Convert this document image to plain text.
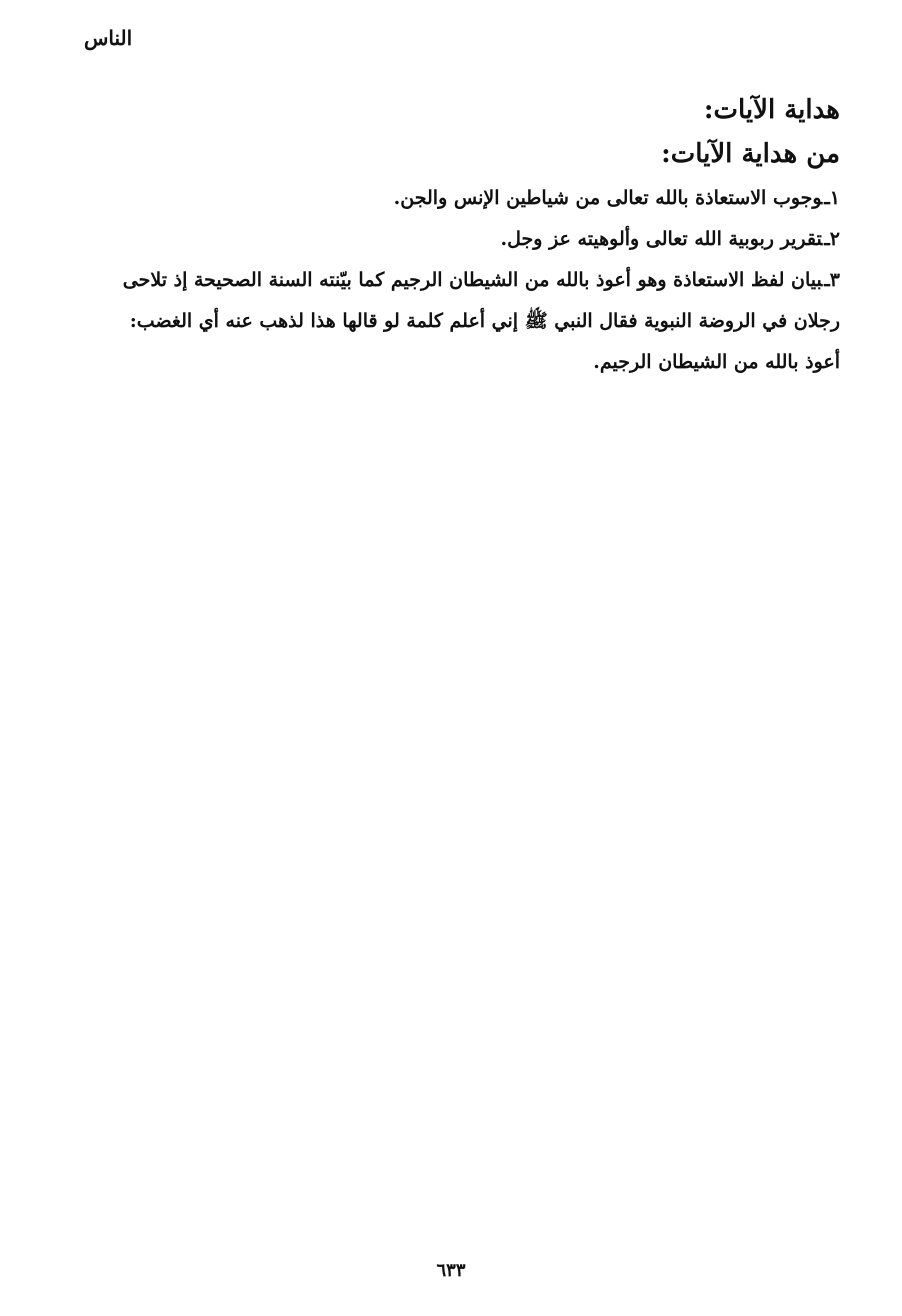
الناس
هداية الآيات:
من هداية الآيات:
١ـوجوب الاستعاذة بالله تعالى من شياطين الإنس والجن.
٢ـتقرير ربوبية الله تعالى وألوهيته عز وجل.
٣ـبيان لفظ الاستعاذة وهو أعوذ بالله من الشيطان الرجيم كما بيّنته السنة الصحيحة إذ تلاحى
رجلان في الروضة النبوية فقال النبي ﷺ إني أعلم كلمة لو قالها هذا لذهب عنه أي الغضب:
أعوذ بالله من الشيطان الرجيم.
٦٣٣
